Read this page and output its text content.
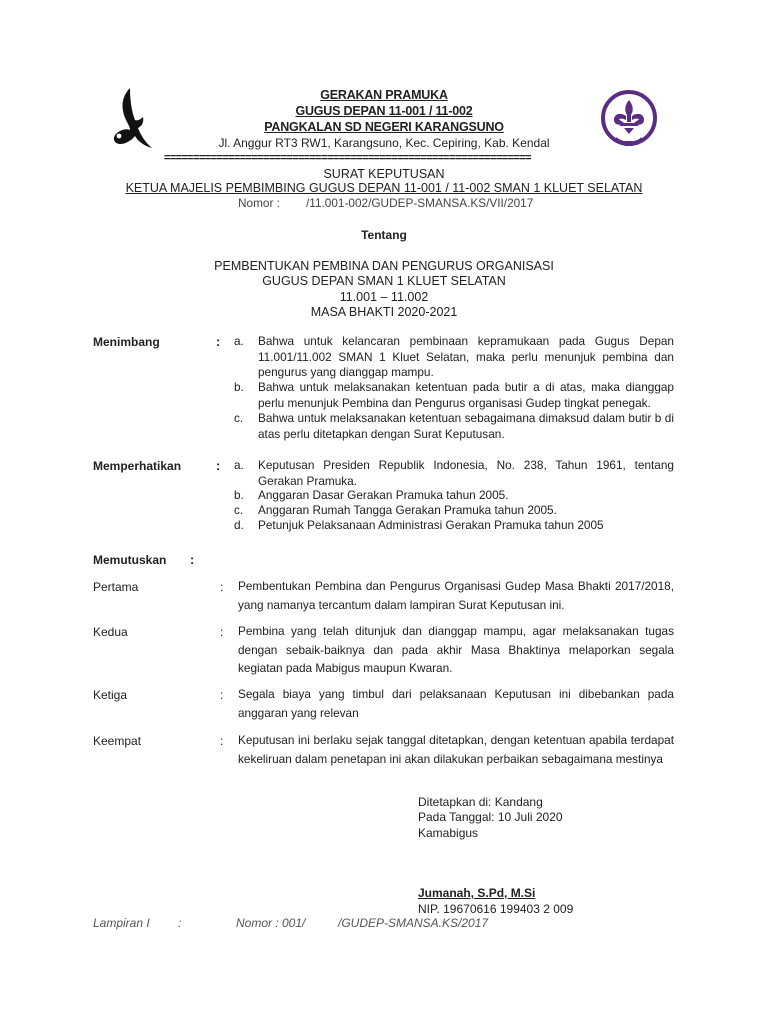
GERAKAN PRAMUKA
GUGUS DEPAN 11-001 / 11-002
PANGKALAN SD NEGERI KARANGSUNO
Jl. Anggur RT3 RW1, Karangsuno, Kec. Cepiring, Kab. Kendal
===============================================================
SURAT KEPUTUSAN
KETUA MAJELIS PEMBIMBING GUGUS DEPAN 11-001 / 11-002 SMAN 1 KLUET SELATAN
Nomor : /11.001-002/GUDEP-SMANSA.KS/VII/2017
Tentang
PEMBENTUKAN PEMBINA DAN PENGURUS ORGANISASI
GUGUS DEPAN SMAN 1 KLUET SELATAN
11.001 – 11.002
MASA BHAKTI 2020-2021
Menimbang	: a. Bahwa untuk kelancaran pembinaan kepramukaan pada Gugus Depan 11.001/11.002 SMAN 1 Kluet Selatan, maka perlu menunjuk pembina dan pengurus yang dianggap mampu.
b. Bahwa untuk melaksanakan ketentuan pada butir a di atas, maka dianggap perlu menunjuk Pembina dan Pengurus organisasi Gudep tingkat penegak.
c. Bahwa untuk melaksanakan ketentuan sebagaimana dimaksud dalam butir b di atas perlu ditetapkan dengan Surat Keputusan.
Memperhatikan	: a. Keputusan Presiden Republik Indonesia, No. 238, Tahun 1961, tentang Gerakan Pramuka.
b. Anggaran Dasar Gerakan Pramuka tahun 2005.
c. Anggaran Rumah Tangga Gerakan Pramuka tahun 2005.
d. Petunjuk Pelaksanaan Administrasi Gerakan Pramuka tahun 2005
Memutuskan :
Pertama	: Pembentukan Pembina dan Pengurus Organisasi Gudep Masa Bhakti 2017/2018, yang namanya tercantum dalam lampiran Surat Keputusan ini.
Kedua	: Pembina yang telah ditunjuk dan dianggap mampu, agar melaksanakan tugas dengan sebaik-baiknya dan pada akhir Masa Bhaktinya melaporkan segala kegiatan pada Mabigus maupun Kwaran.
Ketiga	: Segala biaya yang timbul dari pelaksanaan Keputusan ini dibebankan pada anggaran yang relevan
Keempat	: Keputusan ini berlaku sejak tanggal ditetapkan, dengan ketentuan apabila terdapat kekeliruan dalam penetapan ini akan dilakukan perbaikan sebagaimana mestinya
Ditetapkan di: Kandang
Pada Tanggal: 10 Juli 2020
Kamabigus
Jumanah, S.Pd, M.Si
NIP. 19670616 199403 2 009
Lampiran I :	Nomor : 001/	/GUDEP-SMANSA.KS/2017
